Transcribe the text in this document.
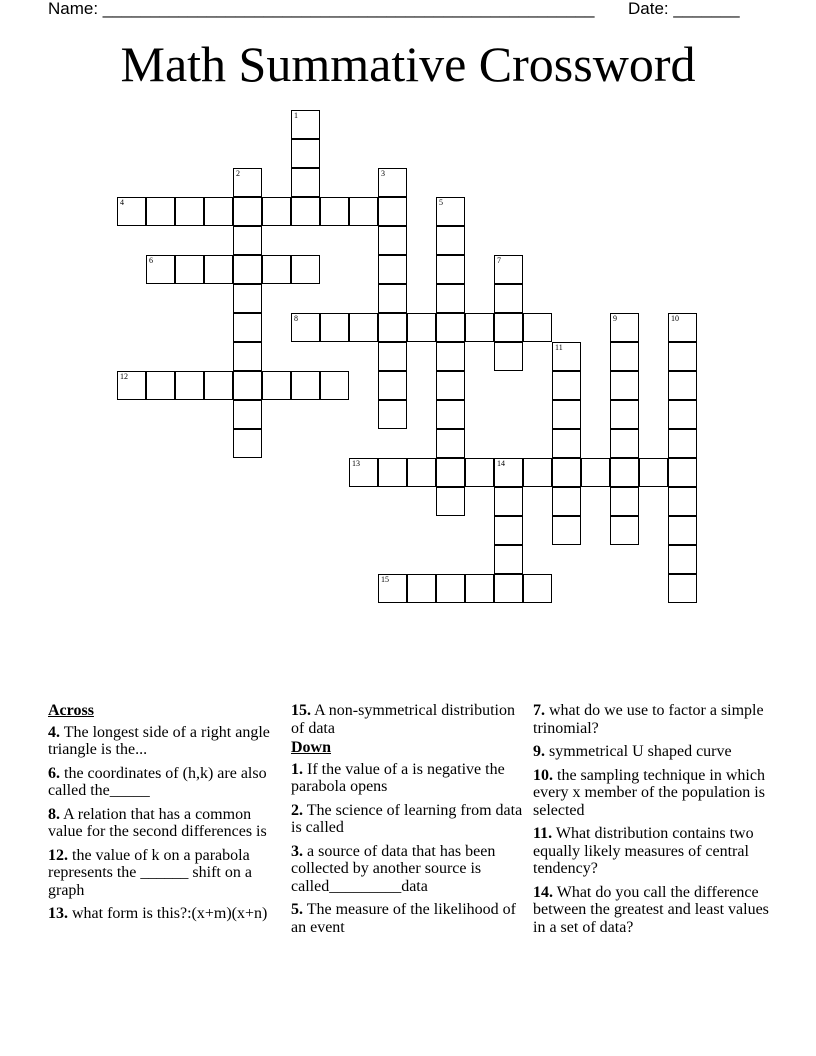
Name: ____________________________________________________ Date: _______
Math Summative Crossword
1
2	3
4	5
6	7
8	9	10
11
12
13	14
15
Across
4. The longest side of a right angle triangle is the...
6. the coordinates of (h,k) are also called the_____
8. A relation that has a common value for the second differences is
12. the value of k on a parabola represents the ______ shift on a graph
13. what form is this?:(x+m)(x+n)
15. A non-symmetrical distribution of data
Down
1. If the value of a is negative the parabola opens
2. The science of learning from data is called
3. a source of data that has been collected by another source is called_________data
5. The measure of the likelihood of an event
7. what do we use to factor a simple trinomial?
9. symmetrical U shaped curve
10. the sampling technique in which every x member of the population is selected
11. What distribution contains two equally likely measures of central tendency?
14. What do you call the difference between the greatest and least values in a set of data?
